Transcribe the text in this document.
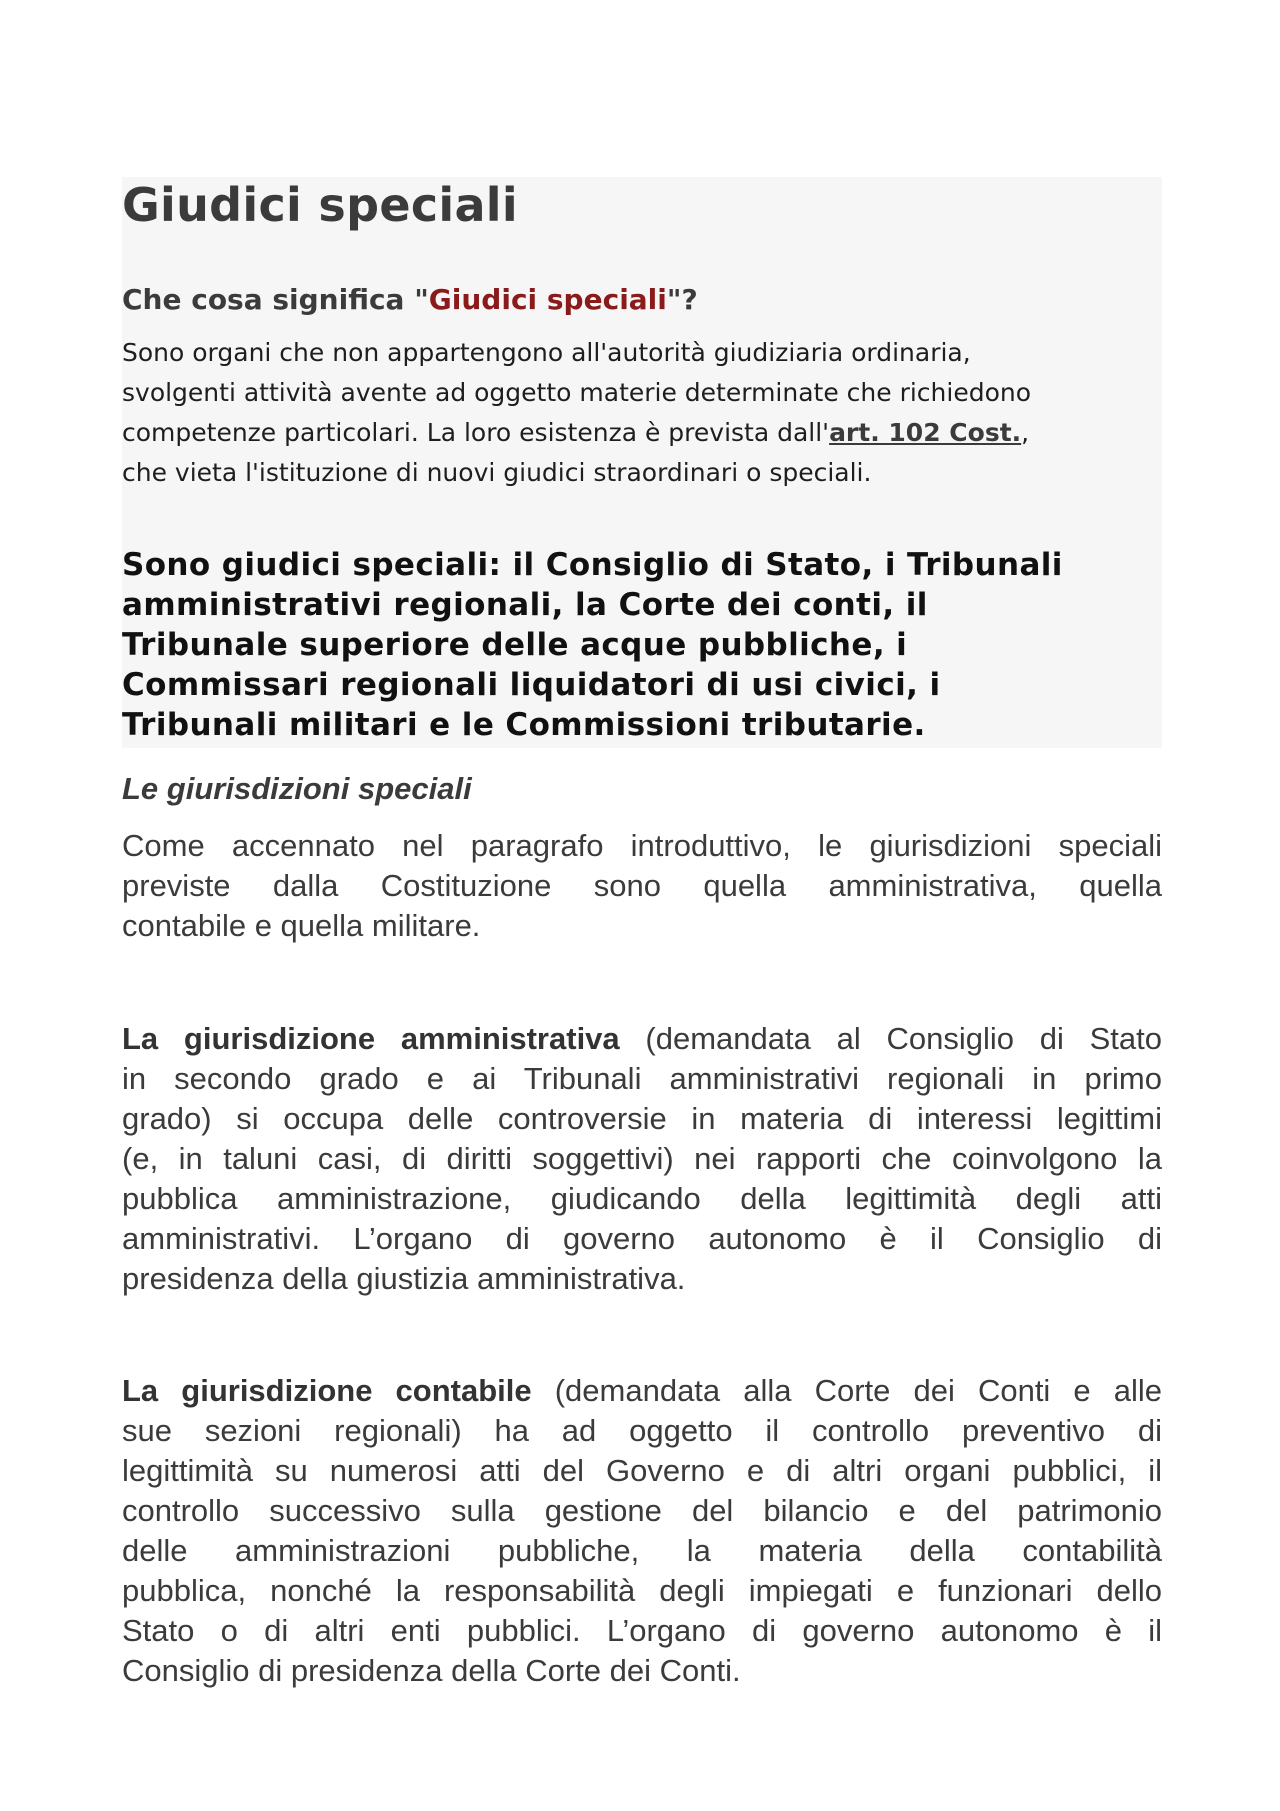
Giudici speciali
Che cosa significa "Giudici speciali"?

Sono organi che non appartengono all'autorità giudiziaria ordinaria,
svolgenti attività avente ad oggetto materie determinate che richiedono
competenze particolari. La loro esistenza è prevista dall'art. 102 Cost.,
che vieta l'istituzione di nuovi giudici straordinari o speciali.

Sono giudici speciali: il Consiglio di Stato, i Tribunali
amministrativi regionali, la Corte dei conti, il
Tribunale superiore delle acque pubbliche, i
Commissari regionali liquidatori di usi civici, i
Tribunali militari e le Commissioni tributarie.

Le giurisdizioni speciali

Come accennato nel paragrafo introduttivo, le giurisdizioni speciali
previste dalla Costituzione sono quella amministrativa, quella
contabile e quella militare.

La giurisdizione amministrativa (demandata al Consiglio di Stato
in secondo grado e ai Tribunali amministrativi regionali in primo
grado) si occupa delle controversie in materia di interessi legittimi
(e, in taluni casi, di diritti soggettivi) nei rapporti che coinvolgono la
pubblica amministrazione, giudicando della legittimità degli atti
amministrativi. L’organo di governo autonomo è il Consiglio di
presidenza della giustizia amministrativa.

La giurisdizione contabile (demandata alla Corte dei Conti e alle
sue sezioni regionali) ha ad oggetto il controllo preventivo di
legittimità su numerosi atti del Governo e di altri organi pubblici, il
controllo successivo sulla gestione del bilancio e del patrimonio
delle amministrazioni pubbliche, la materia della contabilità
pubblica, nonché la responsabilità degli impiegati e funzionari dello
Stato o di altri enti pubblici. L’organo di governo autonomo è il
Consiglio di presidenza della Corte dei Conti.
